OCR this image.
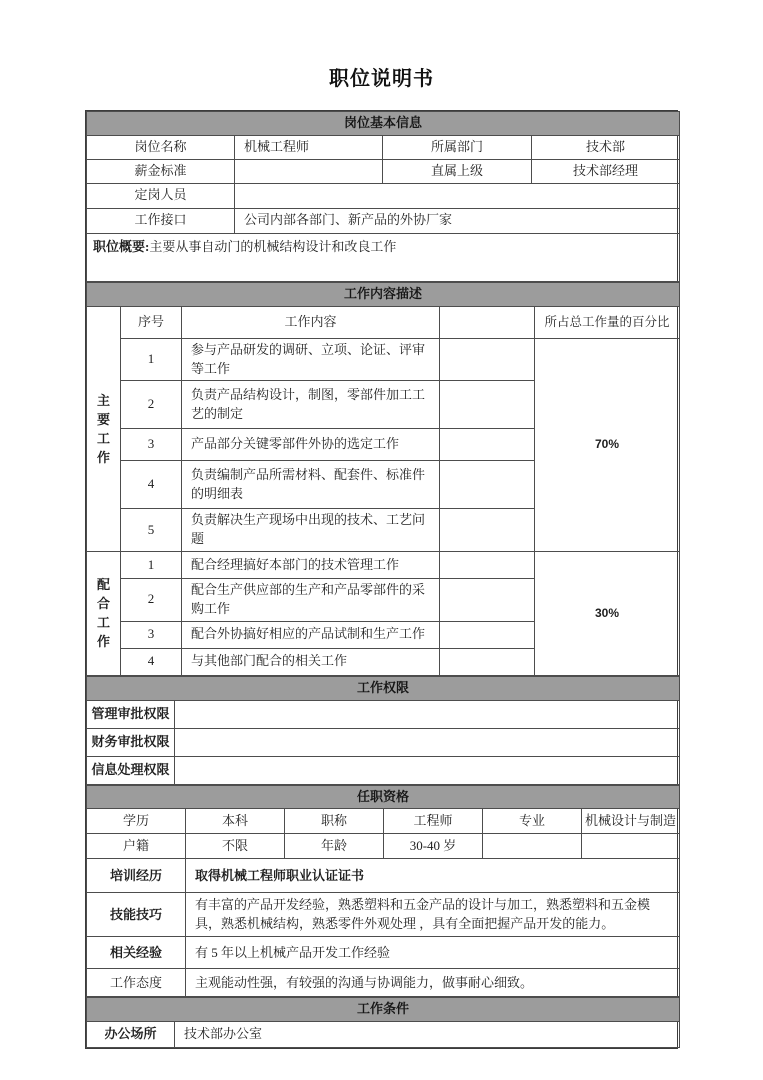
职位说明书
岗位基本信息			
岗位名称	机械工程师	所属部门	技术部
薪金标准		直属上级	技术部经理
定岗人员			
工作接口	公司内部各部门、新产品的外协厂家		
职位概要:主要从事自动门的机械结构设计和改良工作			
工作内容描述				

主要工作	序号	工作内容		所占总工作量的百分比
	1	参与产品研发的调研、立项、论证、评审等工作		70%
	2	负责产品结构设计，制图，零部件加工工艺的制定		
	3	产品部分关键零部件外协的选定工作		
	4	负责编制产品所需材料、配套件、标准件的明细表		
	5	负责解决生产现场中出现的技术、工艺问题		

配合工作	1	配合经理搞好本部门的技术管理工作		30%
	2	配合生产供应部的生产和产品零部件的采购工作		
	3	配合外协搞好相应的产品试制和生产工作		
	4	与其他部门配合的相关工作		
工作权限	
管理审批权限	
财务审批权限	
信息处理权限	
任职资格					
学历	本科	职称	工程师	专业	机械设计与制造
户籍	不限	年龄	30-40 岁		
培训经历	取得机械工程师职业认证证书				
技能技巧	有丰富的产品开发经验，熟悉塑料和五金产品的设计与加工，熟悉塑料和五金模具，熟悉机械结构，熟悉零件外观处理 ，具有全面把握产品开发的能力。				
相关经验	有 5 年以上机械产品开发工作经验				
工作态度	主观能动性强，有较强的沟通与协调能力，做事耐心细致。				
工作条件
办公场所	技术部办公室
